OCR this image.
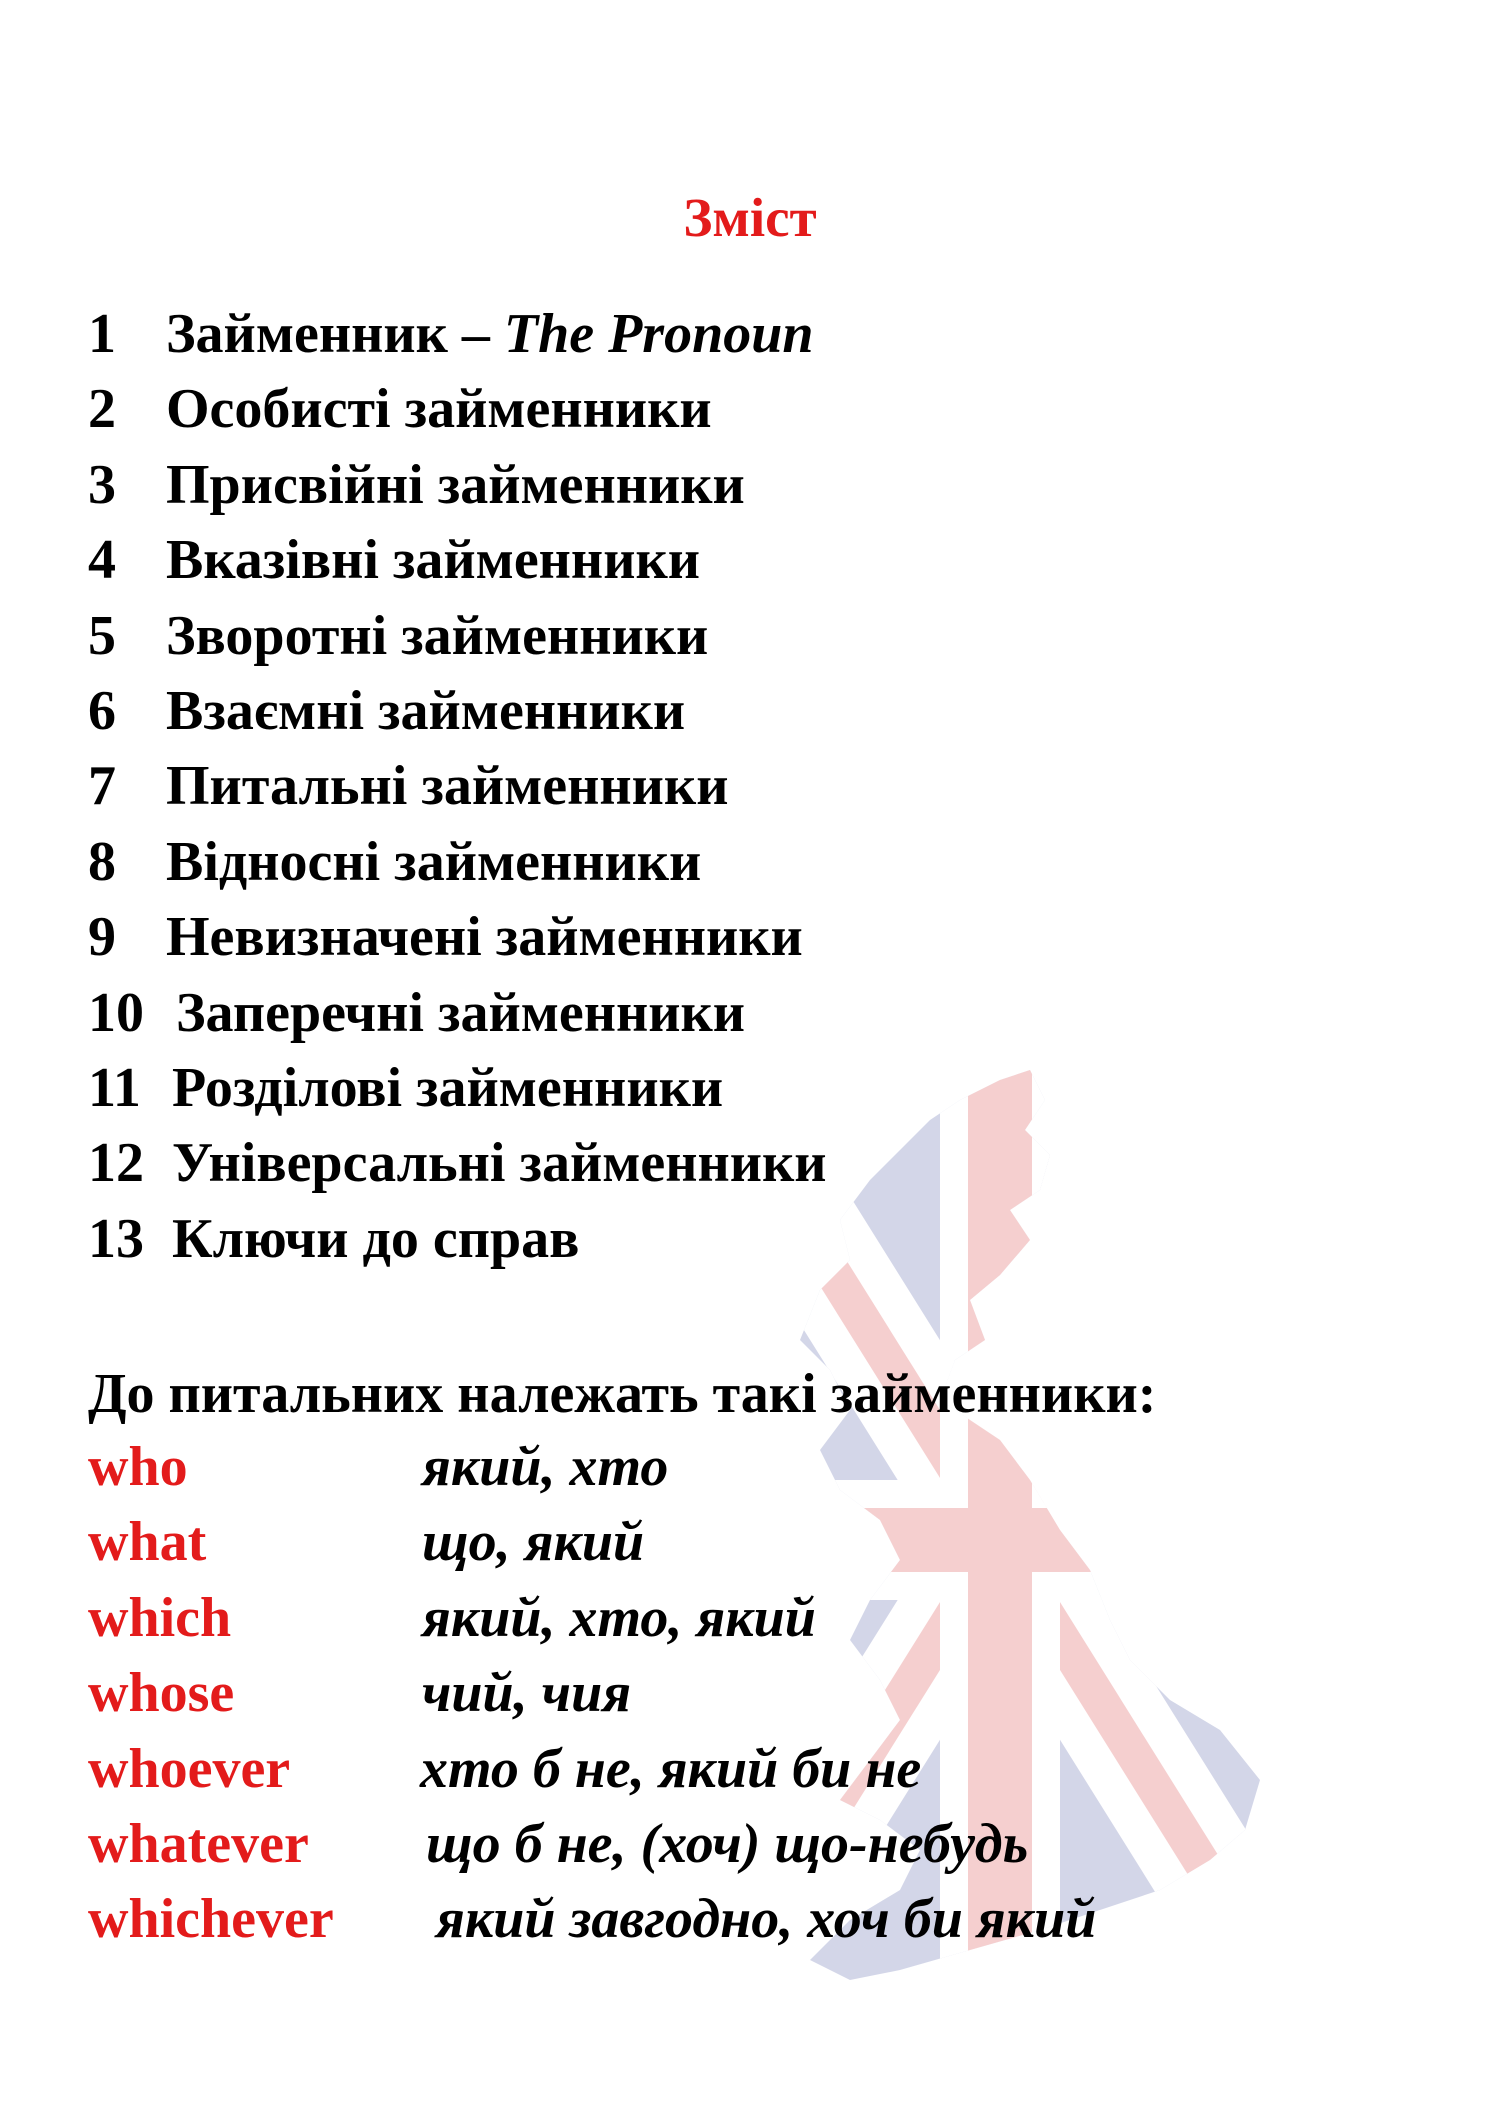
Зміст
1 Займенник – The Pronoun
2 Особисті займенники
3 Присвійні займенники
4 Вказівні займенники
5 Зворотні займенники
6 Взаємні займенники
7 Питальні займенники
8 Відносні займенники
9 Невизначені займенники
10 Заперечні займенники
11 Розділові займенники
12 Універсальні займенники
13 Ключи до справ
До питальних належать такі займенники:
who	який, хто
what	що, який
which	який, хто, який
whose	чий, чия
whoever хто б не, який би не
whatever що б не, (хоч) що-небудь
whichever який завгодно, хоч би який
